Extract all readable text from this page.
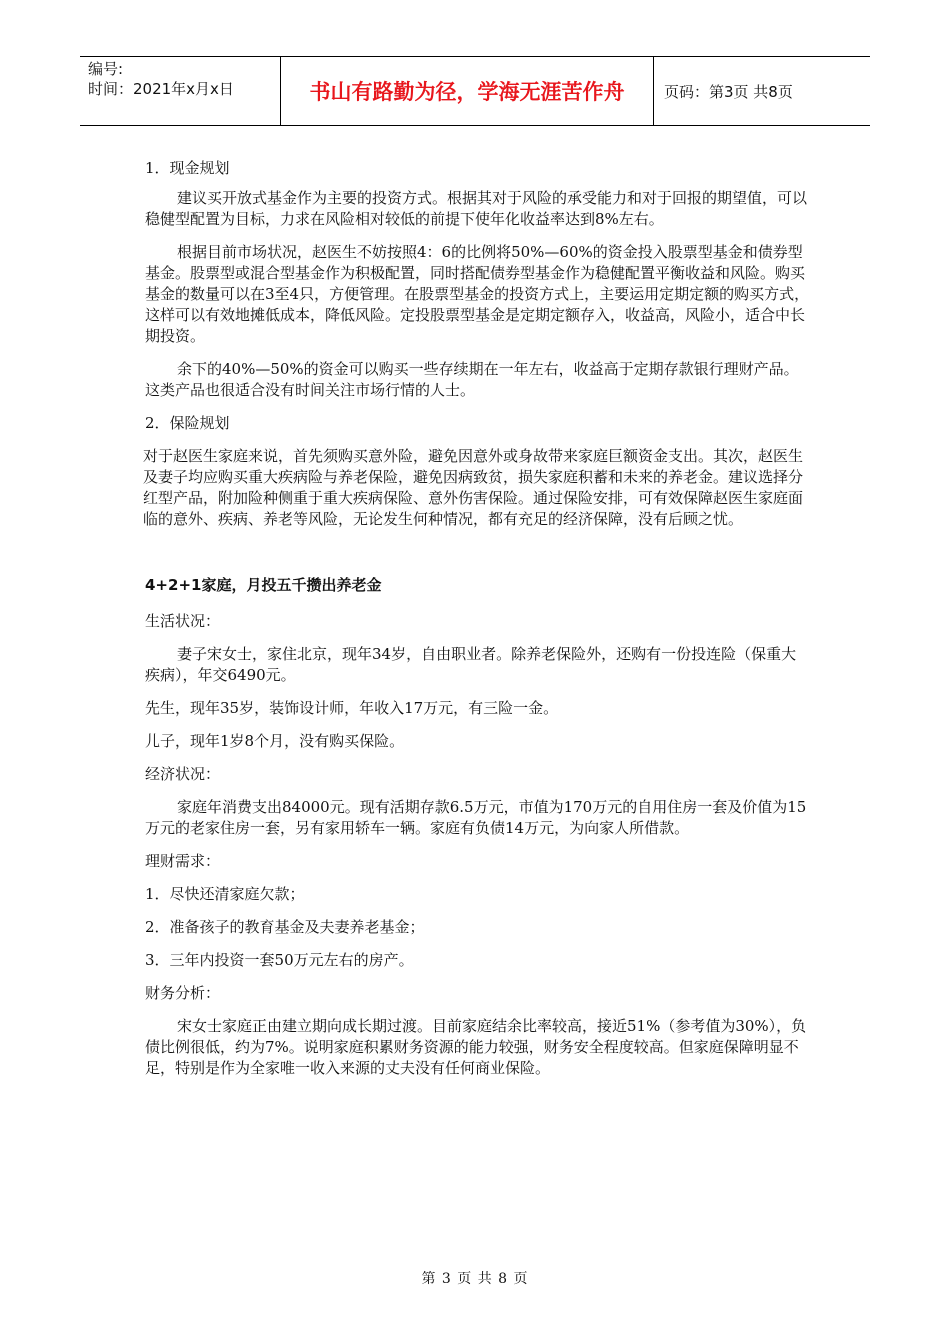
编号:
时间：2021年x月x日	书山有路勤为径，学海无涯苦作舟	页码：第3页 共8页

1．现金规划

建议买开放式基金作为主要的投资方式。根据其对于风险的承受能力和对于回报的期望值，可以稳健型配置为目标，力求在风险相对较低的前提下使年化收益率达到8%左右。

根据目前市场状况，赵医生不妨按照4：6的比例将50%—60%的资金投入股票型基金和债券型基金。股票型或混合型基金作为积极配置，同时搭配债券型基金作为稳健配置平衡收益和风险。购买基金的数量可以在3至4只，方便管理。在股票型基金的投资方式上，主要运用定期定额的购买方式，这样可以有效地摊低成本，降低风险。定投股票型基金是定期定额存入，收益高，风险小，适合中长期投资。

余下的40%—50%的资金可以购买一些存续期在一年左右，收益高于定期存款银行理财产品。这类产品也很适合没有时间关注市场行情的人士。

2．保险规划

对于赵医生家庭来说，首先须购买意外险，避免因意外或身故带来家庭巨额资金支出。其次，赵医生及妻子均应购买重大疾病险与养老保险，避免因病致贫，损失家庭积蓄和未来的养老金。建议选择分红型产品，附加险种侧重于重大疾病保险、意外伤害保险。通过保险安排，可有效保障赵医生家庭面临的意外、疾病、养老等风险，无论发生何种情况，都有充足的经济保障，没有后顾之忧。

4+2+1家庭，月投五千攒出养老金

生活状况：

妻子宋女士，家住北京，现年34岁，自由职业者。除养老保险外，还购有一份投连险（保重大疾病），年交6490元。

先生，现年35岁，装饰设计师，年收入17万元，有三险一金。

儿子，现年1岁8个月，没有购买保险。

经济状况：

家庭年消费支出84000元。现有活期存款6.5万元，市值为170万元的自用住房一套及价值为15万元的老家住房一套，另有家用轿车一辆。家庭有负债14万元，为向家人所借款。

理财需求：

1．尽快还清家庭欠款；

2．准备孩子的教育基金及夫妻养老基金；

3．三年内投资一套50万元左右的房产。

财务分析：

宋女士家庭正由建立期向成长期过渡。目前家庭结余比率较高，接近51%（参考值为30%），负债比例很低，约为7%。说明家庭积累财务资源的能力较强，财务安全程度较高。但家庭保障明显不足，特别是作为全家唯一收入来源的丈夫没有任何商业保险。

第 3 页 共 8 页
